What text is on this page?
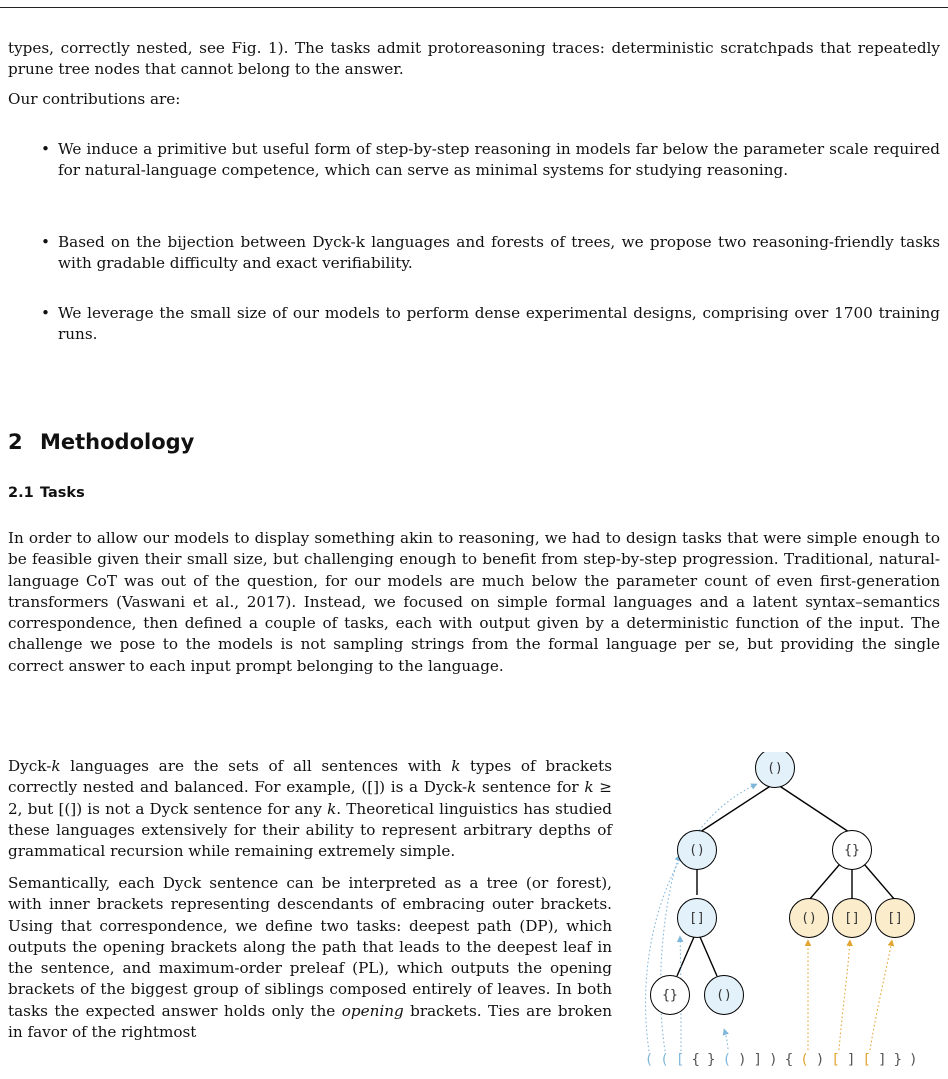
types, correctly nested, see Fig. 1). The tasks admit protoreasoning traces: deterministic scratchpads that repeatedly prune tree nodes that cannot belong to the answer.

Our contributions are:

• We induce a primitive but useful form of step-by-step reasoning in models far below the parameter scale required for natural-language competence, which can serve as minimal systems for studying reasoning.
• Based on the bijection between Dyck-k languages and forests of trees, we propose two reasoning-friendly tasks with gradable difficulty and exact verifiability.
• We leverage the small size of our models to perform dense experimental designs, comprising over 1700 training runs.
2 Methodology
2.1 Tasks

In order to allow our models to display something akin to reasoning, we had to design tasks that were simple enough to be feasible given their small size, but challenging enough to benefit from step-by-step progression. Traditional, natural-language CoT was out of the question, for our models are much below the parameter count of even first-generation transformers (Vaswani et al., 2017). Instead, we focused on simple formal languages and a latent syntax–semantics correspondence, then defined a couple of tasks, each with output given by a deterministic function of the input. The challenge we pose to the models is not sampling strings from the formal language per se, but providing the single correct answer to each input prompt belonging to the language.

Dyck-k languages are the sets of all sentences with k types of brackets correctly nested and balanced. For example, ([]) is a Dyck-k sentence for k ≥ 2, but [(]) is not a Dyck sentence for any k. Theoretical linguistics has studied these languages extensively for their ability to represent arbitrary depths of grammatical recursion while remaining extremely simple.

Semantically, each Dyck sentence can be interpreted as a tree (or forest), with inner brackets representing descendants of embracing outer brackets. Using that correspondence, we define two tasks: deepest path (DP), which outputs the opening brackets along the path that leads to the deepest leaf in the sentence, and maximum-order preleaf (PL), which outputs the opening brackets of the biggest group of siblings composed entirely of leaves. In both tasks the expected answer holds only the opening brackets. Ties are broken in favor of the rightmost

()
()	{}
[]	() [] []
{}	()
( ( [ { } ( ) ] ) { ( ) [ ] [ ] } )
